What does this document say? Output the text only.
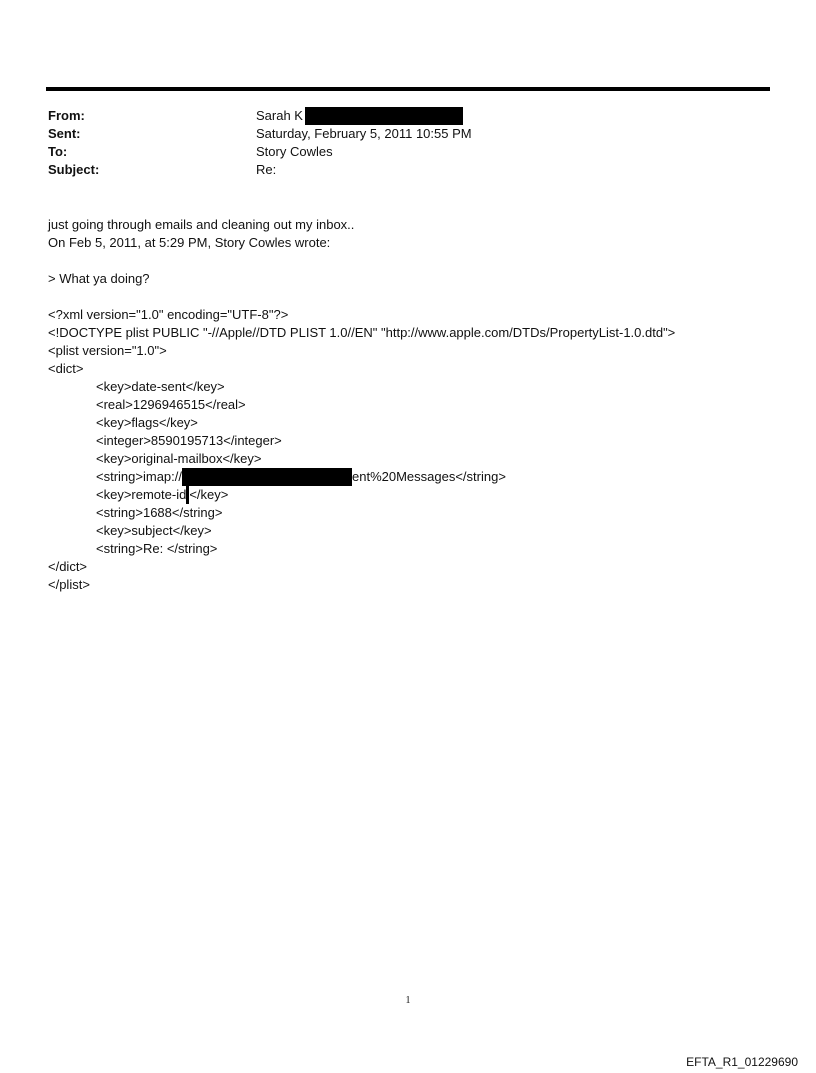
From:	Sarah K
Sent:	Saturday, February 5, 2011 10:55 PM
To:	Story Cowles
Subject:	Re:
just going through emails and cleaning out my inbox..
On Feb 5, 2011, at 5:29 PM, Story Cowles wrote:
> What ya doing?
<?xml version="1.0" encoding="UTF-8"?>
<!DOCTYPE plist PUBLIC "-//Apple//DTD PLIST 1.0//EN" "http://www.apple.com/DTDs/PropertyList-1.0.dtd">
<plist version="1.0">
<dict>
<key>date-sent</key>
<real>1296946515</real>
<key>flags</key>
<integer>8590195713</integer>
<key>original-mailbox</key>
<string>imap://	ent%20Messages</string>
<key>remote-id </key>
<string>1688</string>
<key>subject</key>
<string>Re: </string>
</dict>
</plist>
1
EFTA_R1_01229690
